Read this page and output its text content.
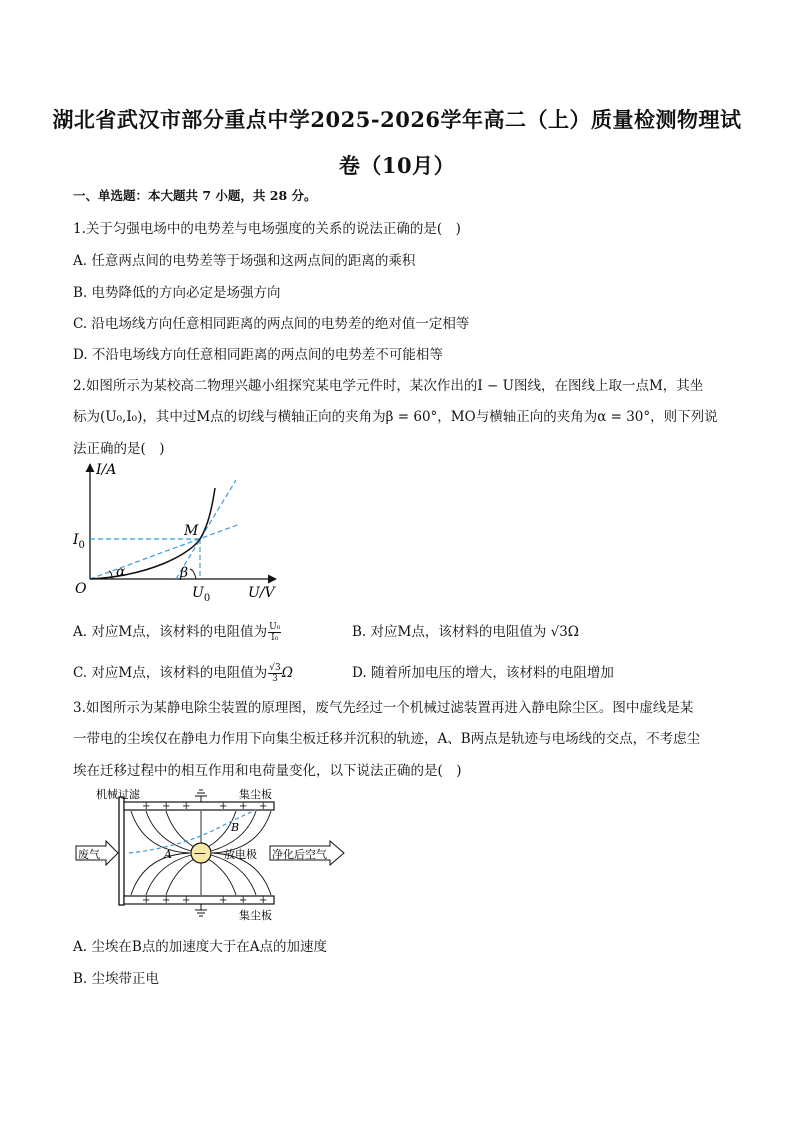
湖北省武汉市部分重点中学2025-2026学年高二（上）质量检测物理试
卷（10月）
一、单选题：本大题共 7 小题，共 28 分。
1.关于匀强电场中的电势差与电场强度的关系的说法正确的是(　)
A. 任意两点间的电势差等于场强和这两点间的距离的乘积
B. 电势降低的方向必定是场强方向
C. 沿电场线方向任意相同距离的两点间的电势差的绝对值一定相等
D. 不沿电场线方向任意相同距离的两点间的电势差不可能相等
2.如图所示为某校高二物理兴趣小组探究某电学元件时，某次作出的I − U图线，在图线上取一点M，其坐
标为(U₀,I₀)，其中过M点的切线与横轴正向的夹角为β = 60°，MO与横轴正向的夹角为α = 30°，则下列说
法正确的是(　)
I/A
U/V
O
M
α	β
$I_0$
$U_0$
A. 对应M点，该材料的电阻值为 $\frac{\text{U₀}}{\text{I₀}}$	B. 对应M点，该材料的电阻值为 √3Ω
C. 对应M点，该材料的电阻值为 $\frac{√3}{3}$ Ω	D. 随着所加电压的增大，该材料的电阻增加
3.如图所示为某静电除尘装置的原理图，废气先经过一个机械过滤装置再进入静电除尘区。图中虚线是某
一带电的尘埃仅在静电力作用下向集尘板迁移并沉积的轨迹，A、B两点是轨迹与电场线的交点，不考虑尘
埃在迁移过程中的相互作用和电荷量变化，以下说法正确的是(　)
+ + +	+ + +
+ + +	+ + +
—
废气	净化后空气
机械过滤	集尘板
集尘板
放电极
A
B
A. 尘埃在B点的加速度大于在A点的加速度
B. 尘埃带正电
